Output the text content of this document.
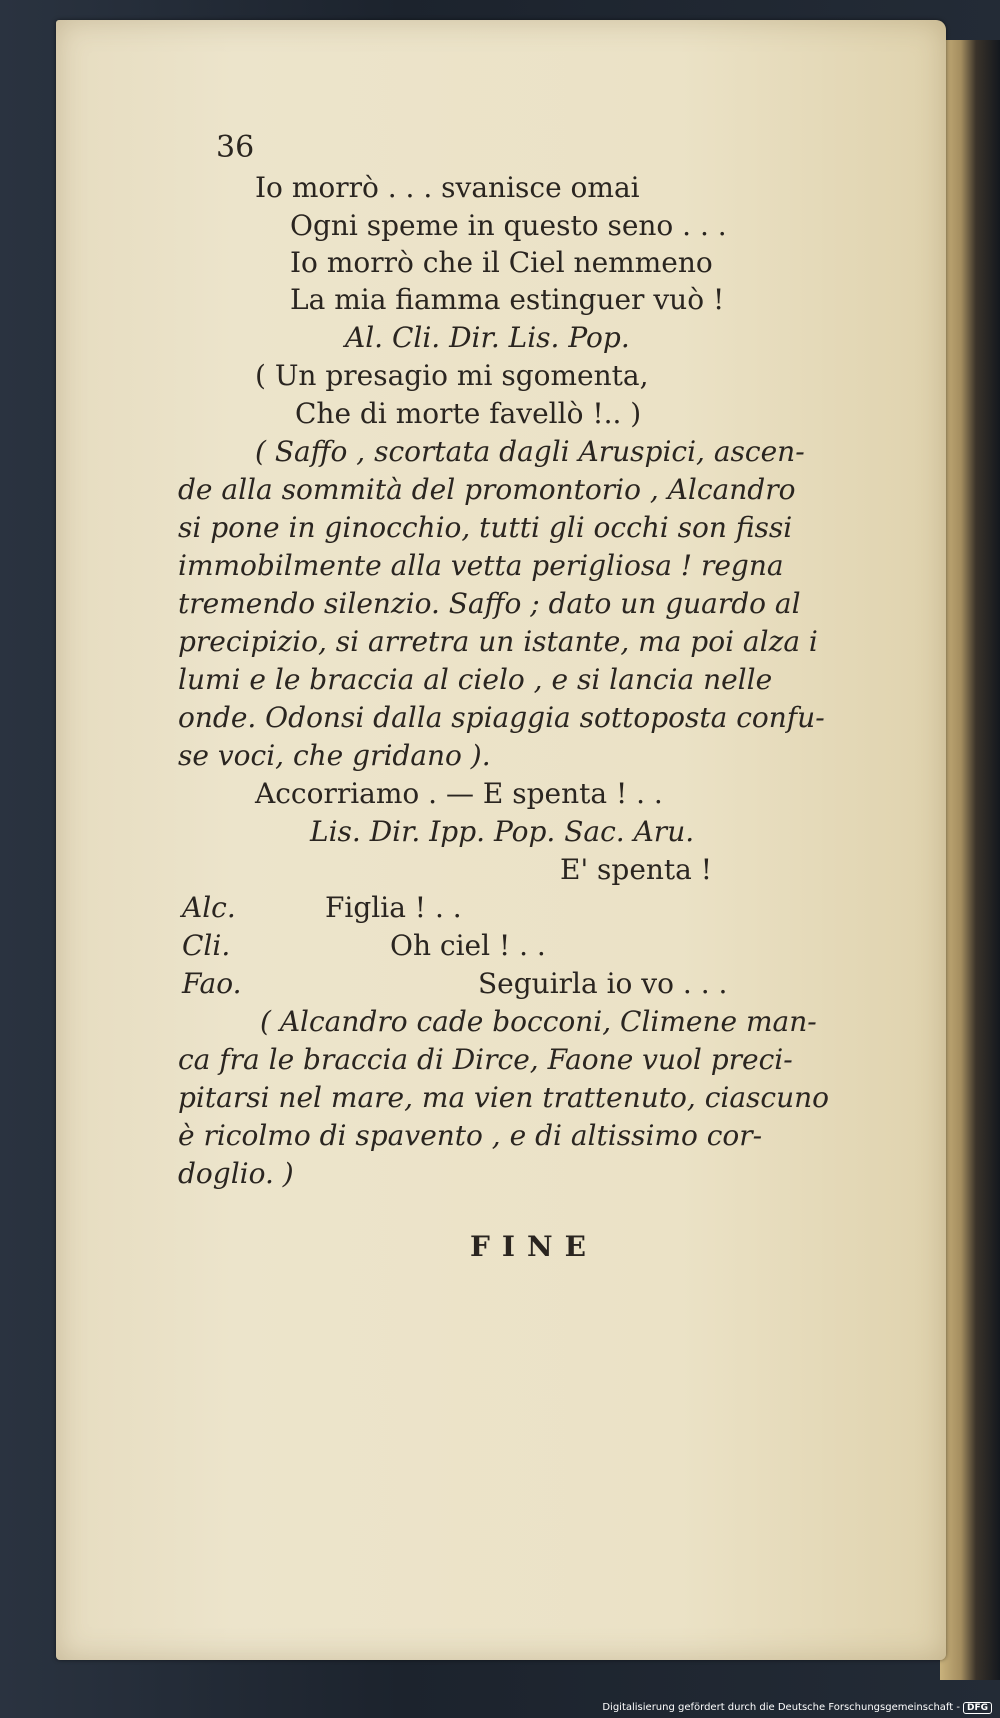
36

Io morrò . . . svanisce omai

Ogni speme in questo seno . . .

Io morrò che il Ciel nemmeno

La mia fiamma estinguer vuò !

Al. Cli. Dir. Lis. Pop.

( Un presagio mi sgomenta,

Che di morte favellò !.. )

( Saffo , scortata dagli Aruspici, ascen-

de alla sommità del promontorio , Alcandro

si pone in ginocchio, tutti gli occhi son fissi

immobilmente alla vetta perigliosa ! regna

tremendo silenzio. Saffo ; dato un guardo al

precipizio, si arretra un istante, ma poi alza i

lumi e le braccia al cielo , e si lancia nelle

onde. Odonsi dalla spiaggia sottoposta confu-

se voci, che gridano ).

Accorriamo . — E spenta ! . .

Lis. Dir. Ipp. Pop. Sac. Aru.

E' spenta !

Alc.	Figlia ! . .

Cli.	Oh ciel ! . .

Fao.	Seguirla io vo . . .

( Alcandro cade bocconi, Climene man-

ca fra le braccia di Dirce, Faone vuol preci-

pitarsi nel mare, ma vien trattenuto, ciascuno

è ricolmo di spavento , e di altissimo cor-

doglio. )

FINE

Digitalisierung gefördert durch die Deutsche Forschungsgemeinschaft - DFG
